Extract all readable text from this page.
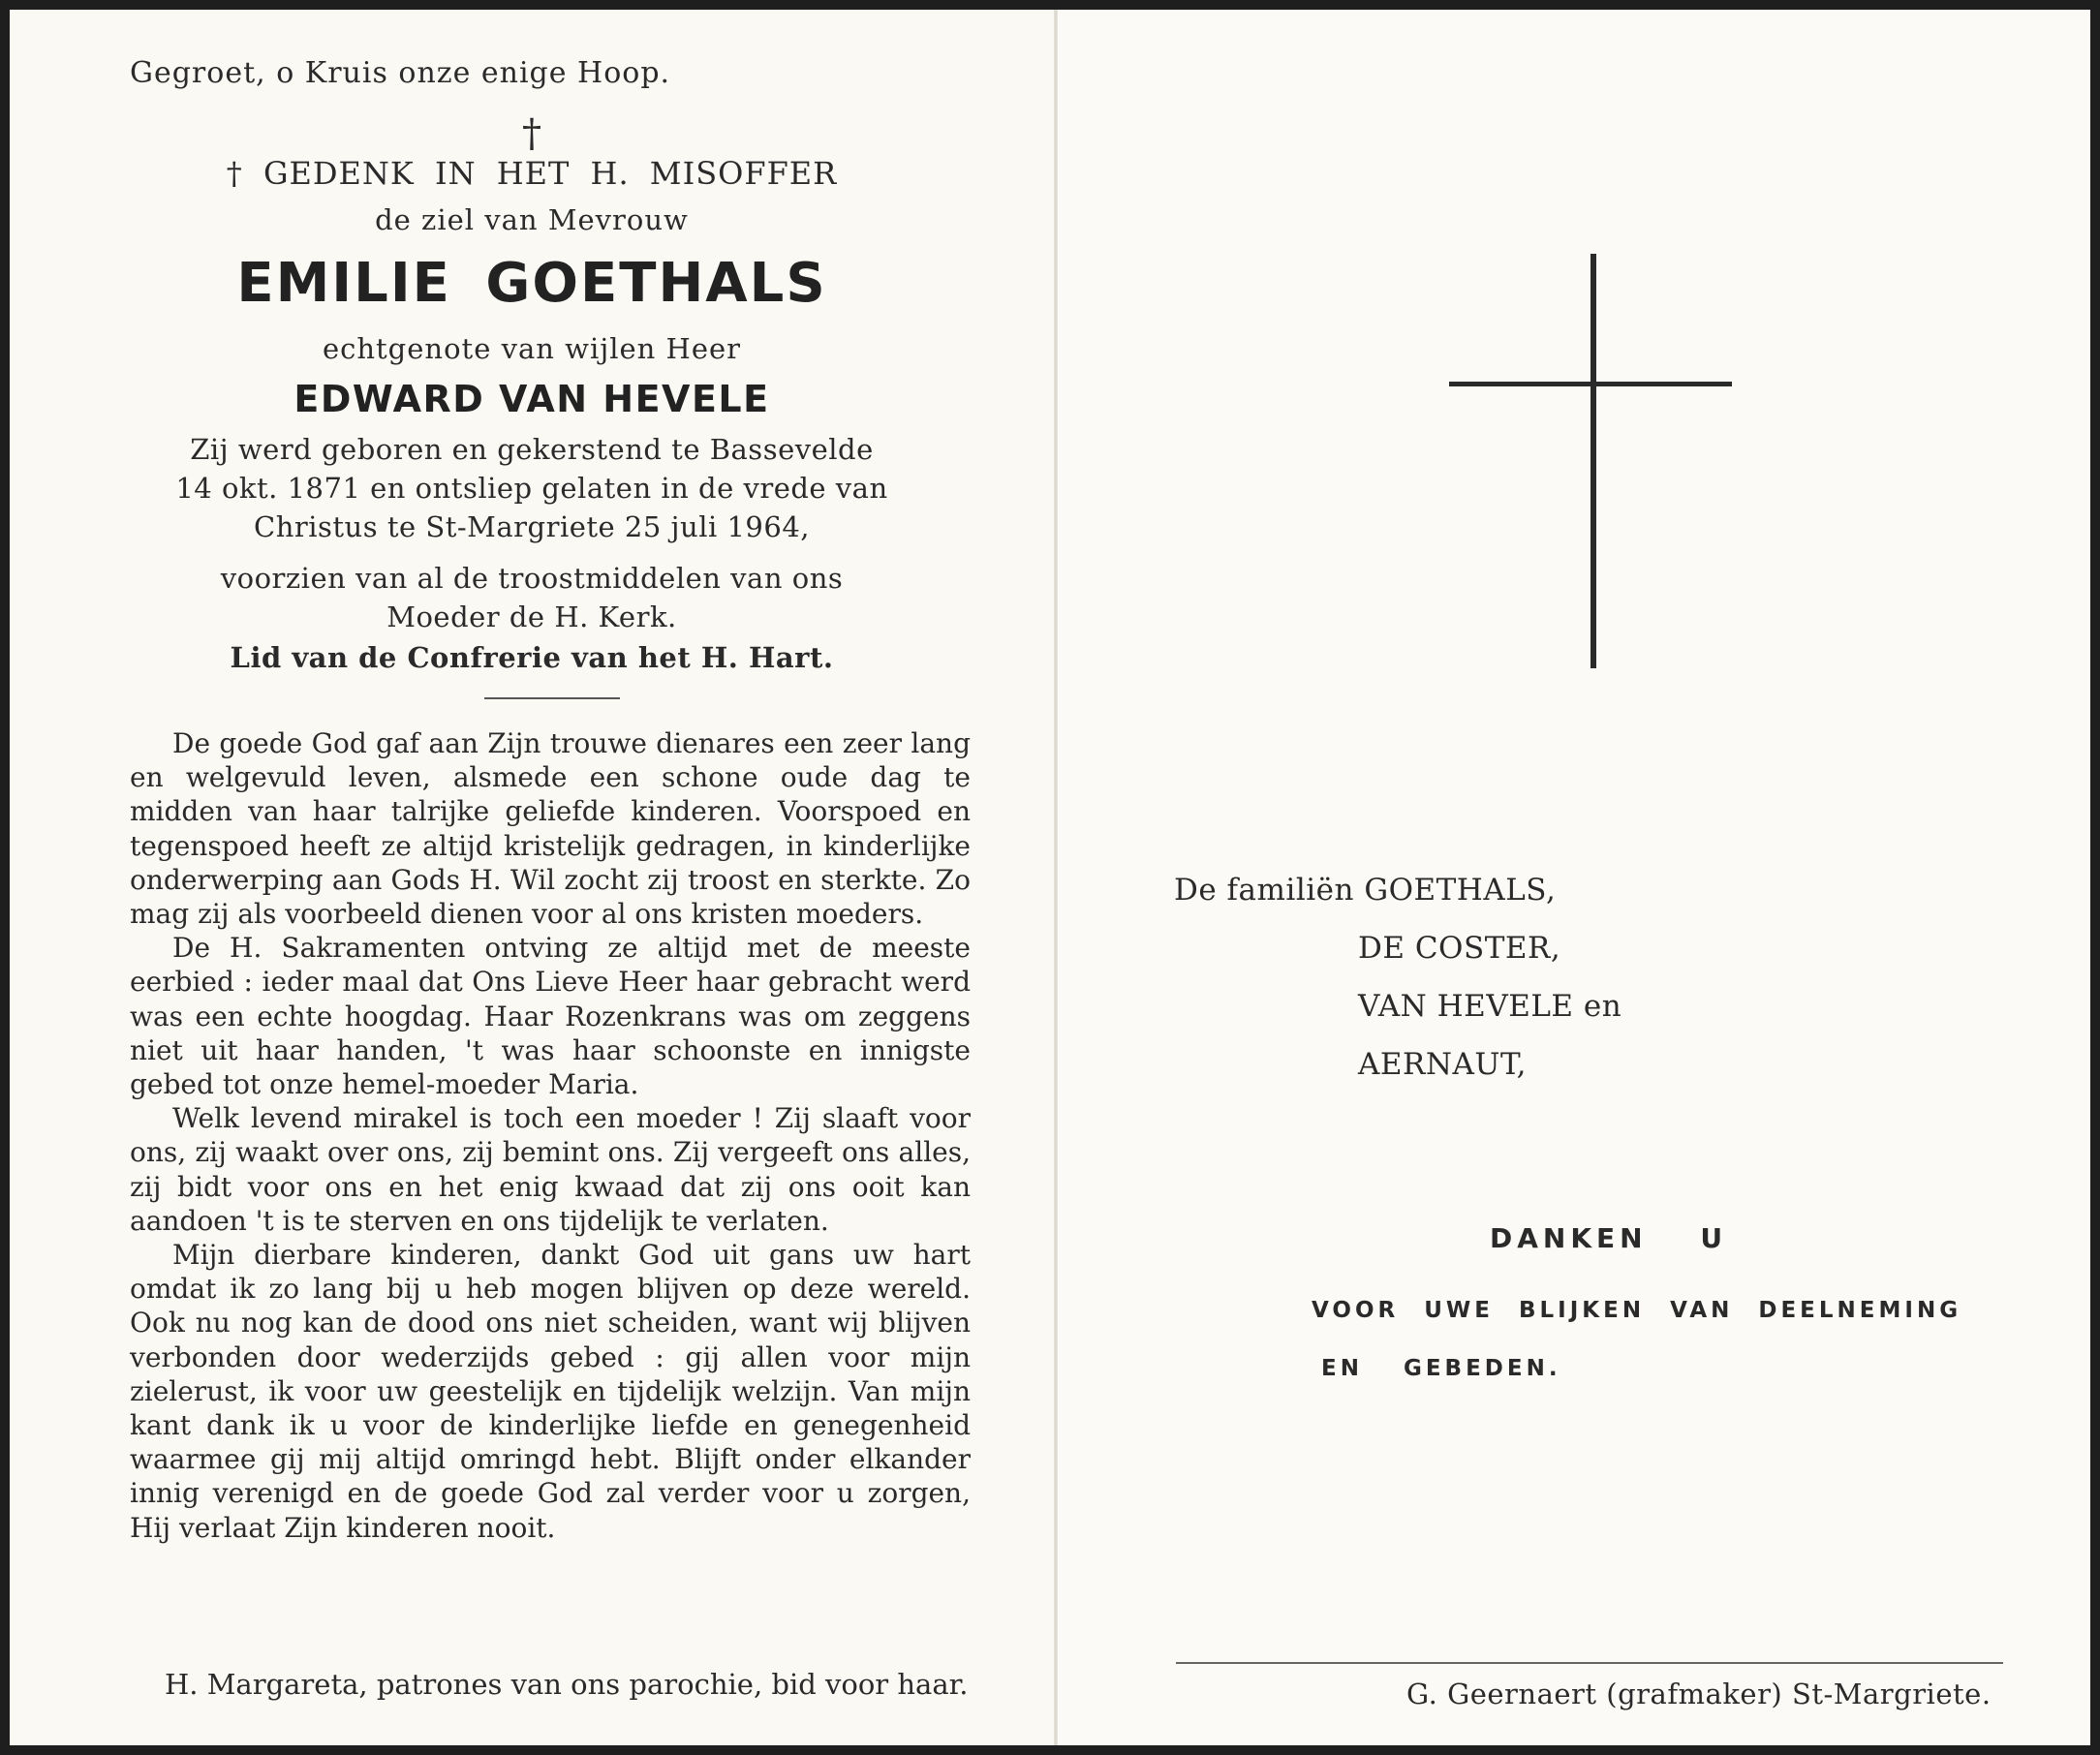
Gegroet, o Kruis onze enige Hoop.
†
† GEDENK IN HET H. MISOFFER
de ziel van Mevrouw
EMILIE GOETHALS
echtgenote van wijlen Heer
EDWARD VAN HEVELE
Zij werd geboren en gekerstend te Bassevelde
14 okt. 1871 en ontsliep gelaten in de vrede van
Christus te St-Margriete 25 juli 1964,
voorzien van al de troostmiddelen van ons
Moeder de H. Kerk.
Lid van de Confrerie van het H. Hart.

De goede God gaf aan Zijn trouwe dienares een zeer lang en welgevuld leven, alsmede een schone oude dag te midden van haar talrijke geliefde kinderen. Voorspoed en tegenspoed heeft ze altijd kristelijk gedragen, in kinderlijke onderwerping aan Gods H. Wil zocht zij troost en sterkte. Zo mag zij als voorbeeld dienen voor al ons kristen moeders.

De H. Sakramenten ontving ze altijd met de meeste eerbied : ieder maal dat Ons Lieve Heer haar gebracht werd was een echte hoogdag. Haar Rozenkrans was om zeggens niet uit haar handen, 't was haar schoonste en innigste gebed tot onze hemel-moeder Maria.

Welk levend mirakel is toch een moeder ! Zij slaaft voor ons, zij waakt over ons, zij bemint ons. Zij vergeeft ons alles, zij bidt voor ons en het enig kwaad dat zij ons ooit kan aandoen 't is te sterven en ons tijdelijk te verlaten.

Mijn dierbare kinderen, dankt God uit gans uw hart omdat ik zo lang bij u heb mogen blijven op deze wereld. Ook nu nog kan de dood ons niet scheiden, want wij blijven verbonden door wederzijds gebed : gij allen voor mijn zielerust, ik voor uw geestelijk en tijdelijk welzijn. Van mijn kant dank ik u voor de kinderlijke liefde en genegenheid waarmee gij mij altijd omringd hebt. Blijft onder elkander innig verenigd en de goede God zal verder voor u zorgen, Hij verlaat Zijn kinderen nooit.

H. Margareta, patrones van ons parochie, bid voor haar.
De familiën GOETHALS,
DE COSTER,
VAN HEVELE en
AERNAUT,
DANKEN U
VOOR UWE BLIJKEN VAN DEELNEMING
EN GEBEDEN.
G. Geernaert (grafmaker) St-Margriete.
